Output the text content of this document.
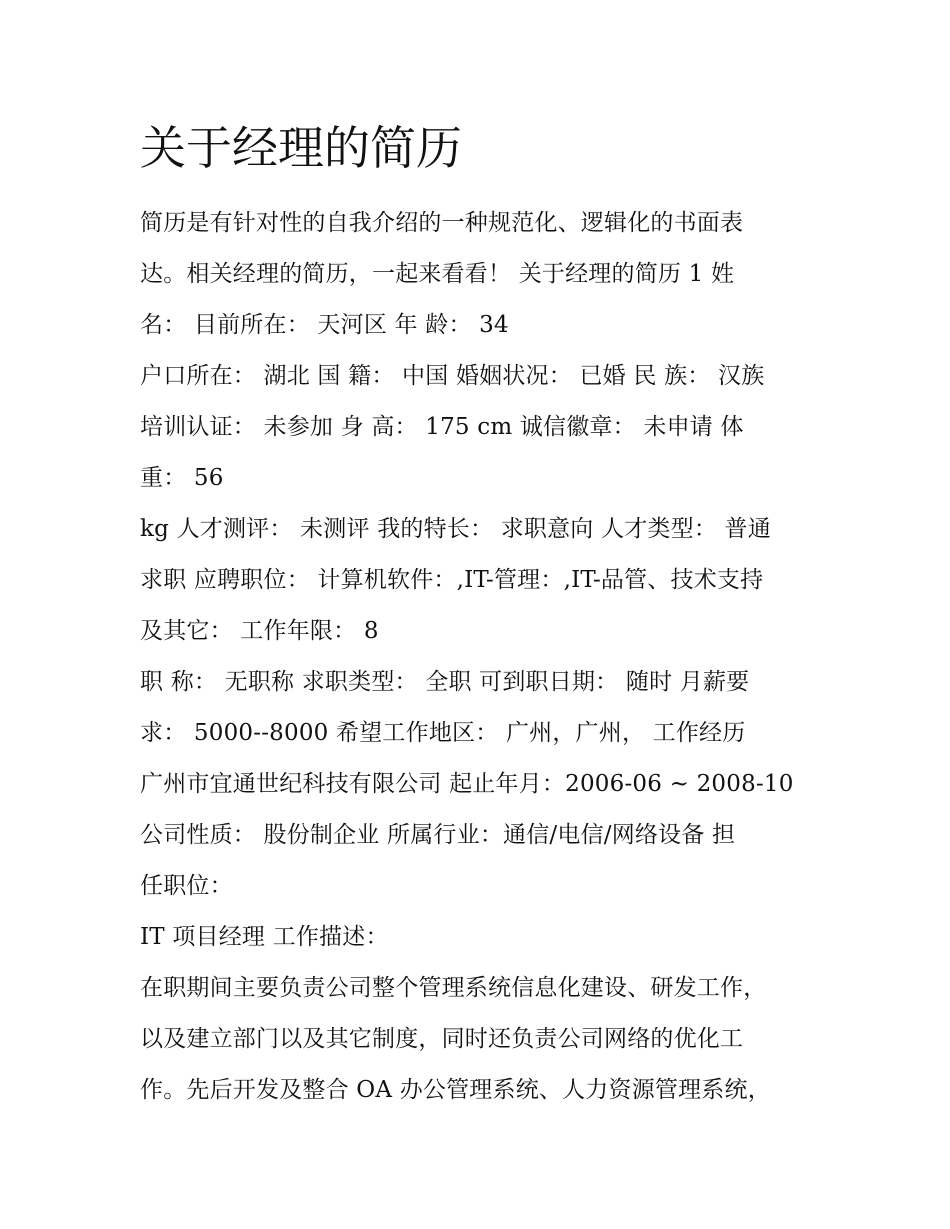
关于经理的简历
简历是有针对性的自我介绍的一种规范化、逻辑化的书面表
达。相关经理的简历，一起来看看！ 关于经理的简历 1 姓
名： 目前所在： 天河区 年 龄： 34
户口所在： 湖北 国 籍： 中国 婚姻状况： 已婚 民 族： 汉族
培训认证： 未参加 身 高： 175 cm 诚信徽章： 未申请 体
重： 56
kg 人才测评： 未测评 我的特长： 求职意向 人才类型： 普通
求职 应聘职位： 计算机软件：,IT-管理：,IT-品管、技术支持
及其它： 工作年限： 8
职 称： 无职称 求职类型： 全职 可到职日期： 随时 月薪要
求： 5000--8000 希望工作地区： 广州，广州， 工作经历
广州市宜通世纪科技有限公司 起止年月：2006-06 ~ 2008-10
公司性质： 股份制企业 所属行业：通信/电信/网络设备 担
任职位：
IT 项目经理 工作描述：
在职期间主要负责公司整个管理系统信息化建设、研发工作，
以及建立部门以及其它制度，同时还负责公司网络的优化工
作。先后开发及整合 OA 办公管理系统、人力资源管理系统，
